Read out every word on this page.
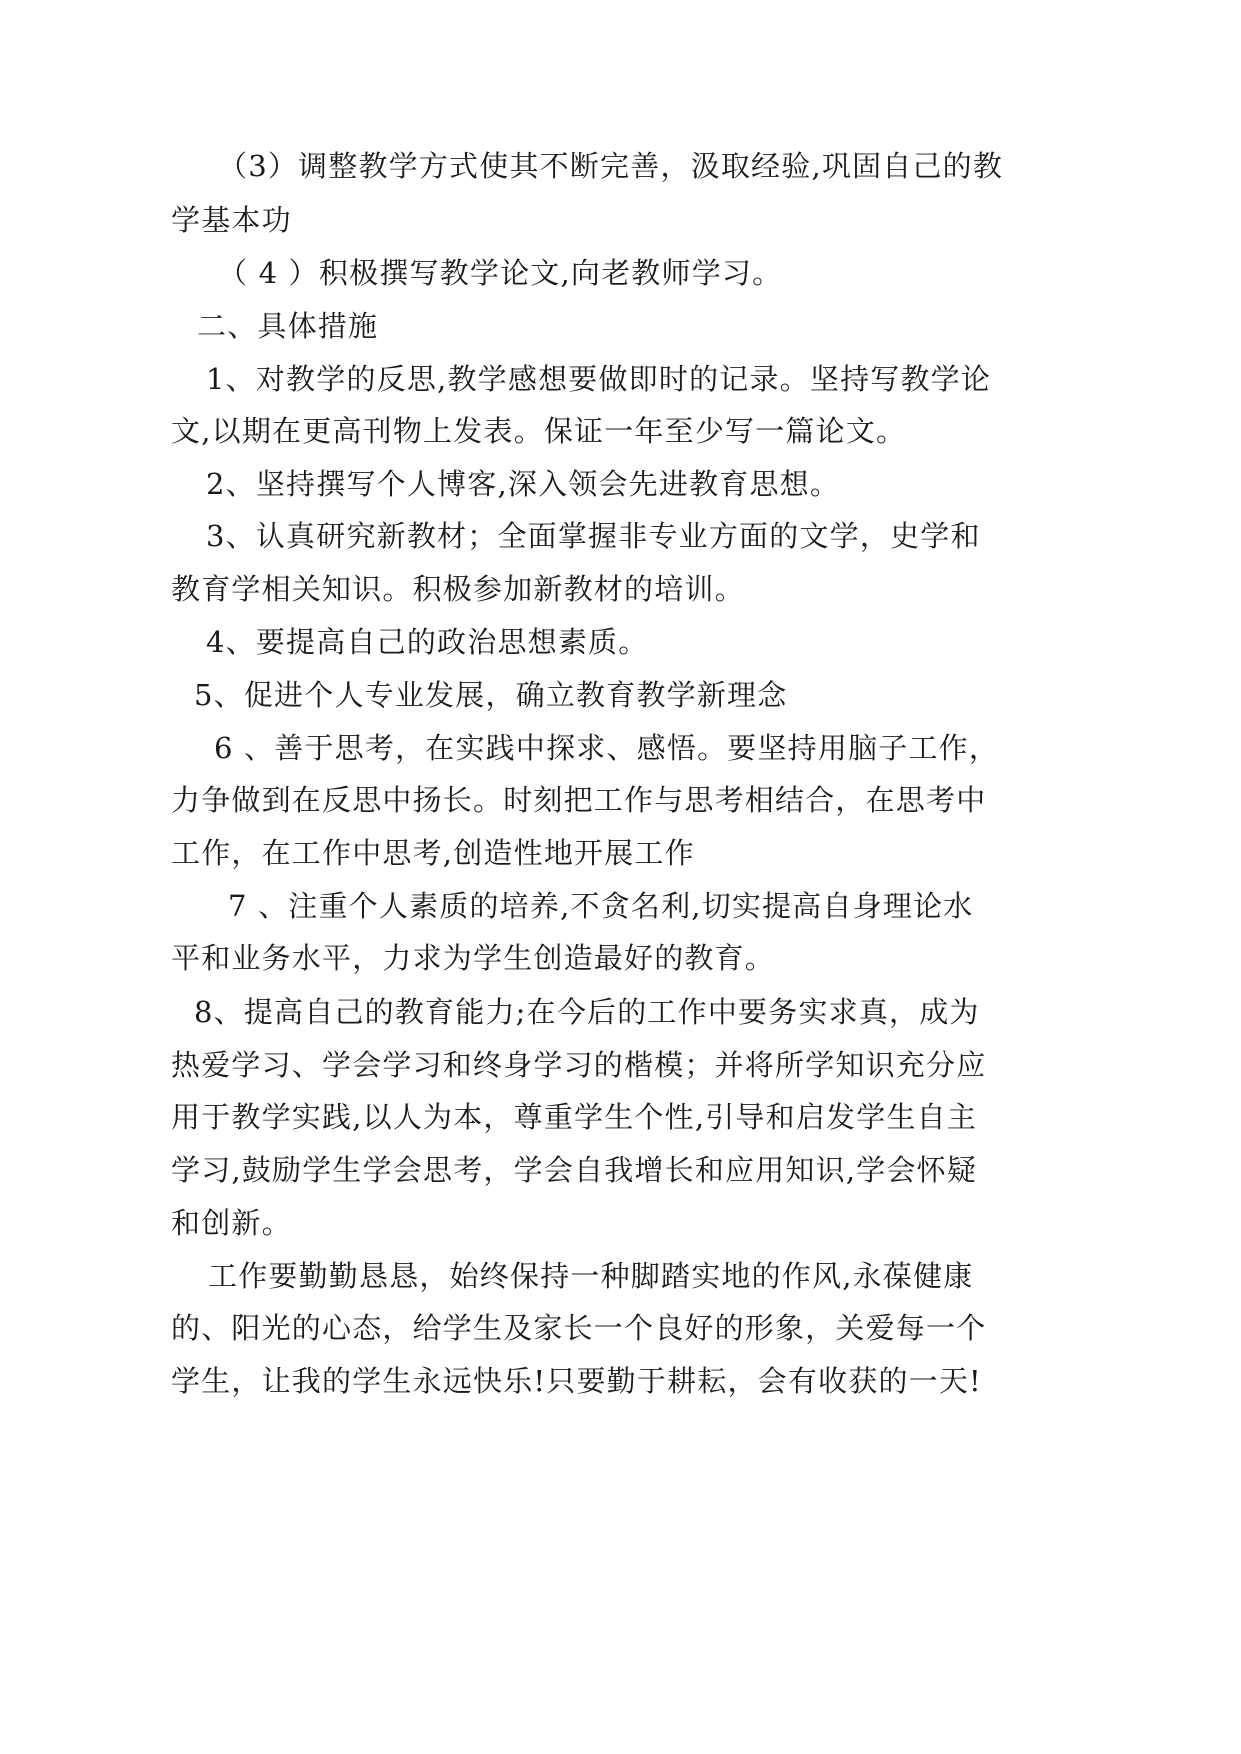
（3）调整教学方式使其不断完善，汲取经验,巩固自己的教
学基本功
（ 4 ）积极撰写教学论文,向老教师学习。
二、具体措施
1、对教学的反思,教学感想要做即时的记录。坚持写教学论
文,以期在更高刊物上发表。保证一年至少写一篇论文。
2、坚持撰写个人博客,深入领会先进教育思想。
3、认真研究新教材；全面掌握非专业方面的文学，史学和
教育学相关知识。积极参加新教材的培训。
4、要提高自己的政治思想素质。
5、促进个人专业发展，确立教育教学新理念
6 、善于思考，在实践中探求、感悟。要坚持用脑子工作，
力争做到在反思中扬长。时刻把工作与思考相结合，在思考中
工作，在工作中思考,创造性地开展工作
7 、注重个人素质的培养,不贪名利,切实提高自身理论水
平和业务水平，力求为学生创造最好的教育。
8、提高自己的教育能力;在今后的工作中要务实求真，成为
热爱学习、学会学习和终身学习的楷模；并将所学知识充分应
用于教学实践,以人为本，尊重学生个性,引导和启发学生自主
学习,鼓励学生学会思考，学会自我增长和应用知识,学会怀疑
和创新。
工作要勤勤恳恳，始终保持一种脚踏实地的作风,永葆健康
的、阳光的心态，给学生及家长一个良好的形象，关爱每一个
学生，让我的学生永远快乐!只要勤于耕耘，会有收获的一天!
